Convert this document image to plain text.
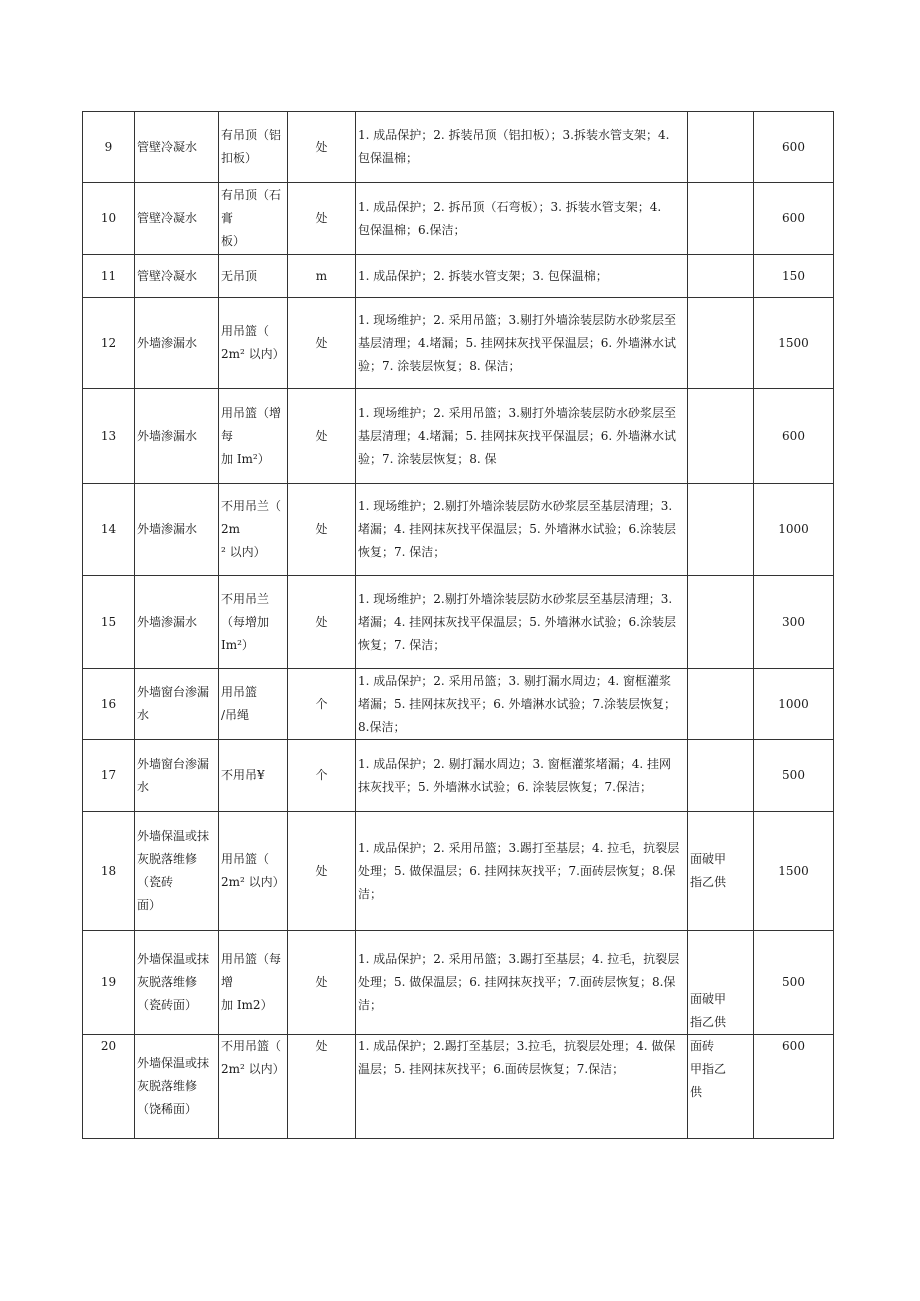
9	管壁冷凝水	有吊顶（铝
扣板）	处	1. 成品保护；2. 拆装吊顶（铝扣板）；3.拆装水管支架；4.
包保温棉；		600
10	管壁冷凝水	有吊顶（石
膏
板）	处	1. 成品保护；2. 拆吊顶（石弯板）；3. 拆装水管支架；4.
包保温棉；6.保洁；		600
11	管壁冷凝水	无吊顶	m	1. 成品保护；2. 拆装水管支架；3. 包保温棉；		150
12	外墙渗漏水	用吊篮（
2m² 以内）	处	1. 现场维护；2. 采用吊篮；3.剔打外墙涂装层防水砂浆层至
基层清理；4.堵漏；5. 挂网抹灰找平保温层；6. 外墙淋水试
验；7. 涂装层恢复；8. 保洁；		1500
13	外墙渗漏水	用吊篮（增
每
加 Im²）	处	1. 现场维护；2. 采用吊篮；3.剔打外墙涂装层防水砂浆层至
基层清理；4.堵漏；5. 挂网抹灰找平保温层；6. 外墙淋水试
验；7. 涂装层恢复；8. 保		600
14	外墙渗漏水	不用吊兰（
2m
² 以内）	处	1. 现场维护；2.剔打外墙涂装层防水砂浆层至基层清理；3.
堵漏；4. 挂网抹灰找平保温层；5. 外墙淋水试验；6.涂装层
恢复；7. 保洁；		1000
15	外墙渗漏水	不用吊兰
（每增加
Im²）	处	1. 现场维护；2.剔打外墙涂装层防水砂浆层至基层清理；3.
堵漏；4. 挂网抹灰找平保温层；5. 外墙淋水试验；6.涂装层
恢复；7. 保洁；		300
16	外墙窗台渗漏
水	用吊篮
/吊绳	个	1. 成品保护；2. 采用吊篮；3. 剔打漏水周边；4. 窗框灌浆
堵漏；5. 挂网抹灰找平；6. 外墙淋水试验；7.涂装层恢复；
8.保洁；		1000
17	外墙窗台渗漏
水	不用吊¥	个	1. 成品保护；2. 剔打漏水周边；3. 窗框灌浆堵漏；4. 挂网
抹灰找平；5. 外墙淋水试验；6. 涂装层恢复；7.保洁；		500
18	外墙保温或抹
灰脱落维修
（瓷砖
面）	用吊篮（
2m² 以内）	处	1. 成品保护；2. 采用吊篮；3.踢打至基层；4. 拉毛，抗裂层
处理；5. 做保温层；6. 挂网抹灰找平；7.面砖层恢复；8.保
洁；	面破甲
指乙供	1500
19	外墙保温或抹
灰脱落维修
（瓷砖面）	用吊篮（每
增
加 Im2）	处	1. 成品保护；2. 采用吊篮；3.踢打至基层；4. 拉毛，抗裂层
处理；5. 做保温层；6. 挂网抹灰找平；7.面砖层恢复；8.保
洁；	面破甲
指乙供	500
20	外墙保温或抹
灰脱落维修
（饶稀面）	不用吊篮（
2m² 以内）	处	1. 成品保护；2.踢打至基层；3.拉毛，抗裂层处理；4. 做保
温层；5. 挂网抹灰找平；6.面砖层恢复；7.保洁；	面砖
甲指乙
供	600
